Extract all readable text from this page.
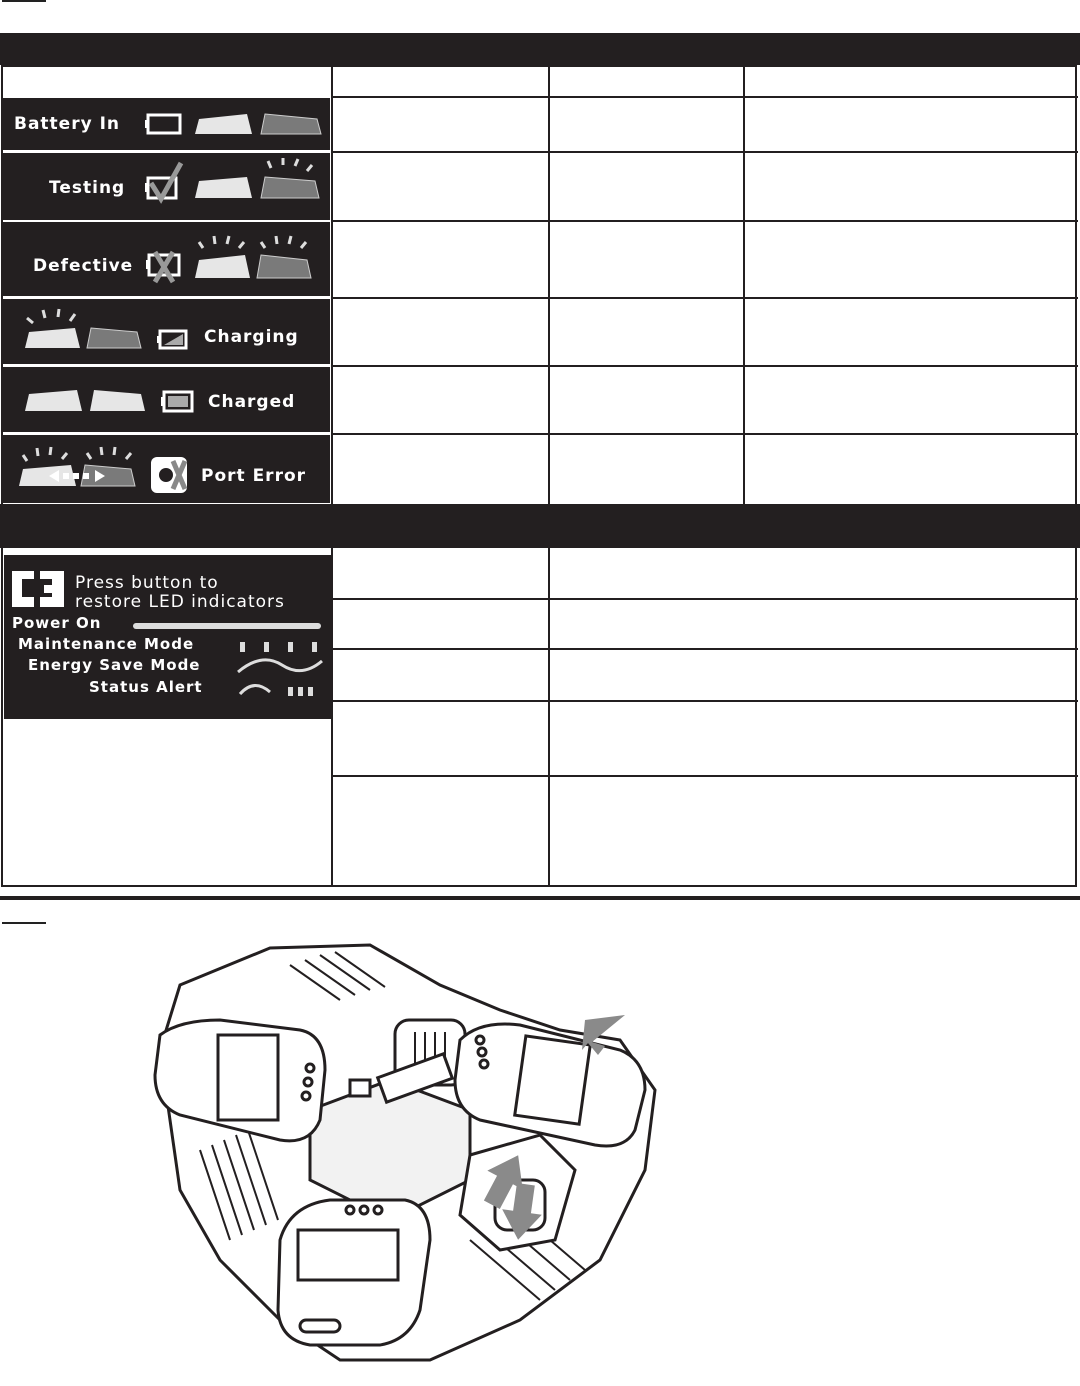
Battery In
Testing
Defective
Charging
Charged
Port Error
Press button to
restore LED indicators
Power On
Maintenance Mode
Energy Save Mode
Status Alert
